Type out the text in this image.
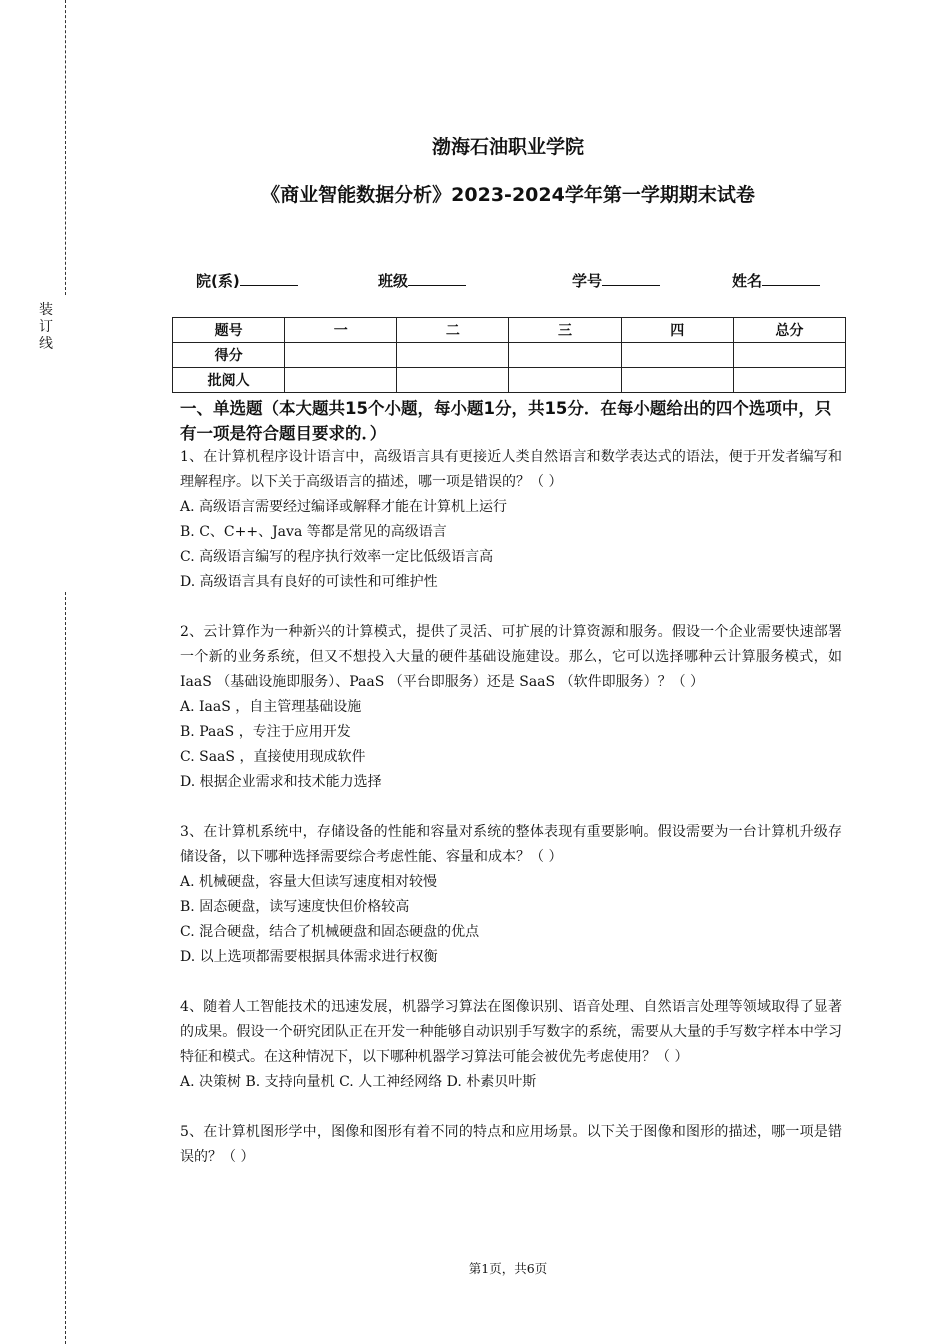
装
订
线
渤海石油职业学院
《商业智能数据分析》2023-2024学年第一学期期末试卷
院(系)	班级	学号	姓名
题号	一	二	三	四	总分
得分					
批阅人					
一、单选题（本大题共15个小题，每小题1分，共15分．在每小题给出的四个选项中，只有一项是符合题目要求的．）

1、在计算机程序设计语言中，高级语言具有更接近人类自然语言和数学表达式的语法，便于开发者编写和理解程序。以下关于高级语言的描述，哪一项是错误的？（ ）

A. 高级语言需要经过编译或解释才能在计算机上运行

B. C、C++、Java 等都是常见的高级语言

C. 高级语言编写的程序执行效率一定比低级语言高

D. 高级语言具有良好的可读性和可维护性

2、云计算作为一种新兴的计算模式，提供了灵活、可扩展的计算资源和服务。假设一个企业需要快速部署一个新的业务系统，但又不想投入大量的硬件基础设施建设。那么，它可以选择哪种云计算服务模式，如 IaaS （基础设施即服务）、PaaS （平台即服务）还是 SaaS （软件即服务）？（ ）

A. IaaS ，自主管理基础设施

B. PaaS ，专注于应用开发

C. SaaS ，直接使用现成软件

D. 根据企业需求和技术能力选择

3、在计算机系统中，存储设备的性能和容量对系统的整体表现有重要影响。假设需要为一台计算机升级存储设备，以下哪种选择需要综合考虑性能、容量和成本？（ ）

A. 机械硬盘，容量大但读写速度相对较慢

B. 固态硬盘，读写速度快但价格较高

C. 混合硬盘，结合了机械硬盘和固态硬盘的优点

D. 以上选项都需要根据具体需求进行权衡

4、随着人工智能技术的迅速发展，机器学习算法在图像识别、语音处理、自然语言处理等领域取得了显著的成果。假设一个研究团队正在开发一种能够自动识别手写数字的系统，需要从大量的手写数字样本中学习特征和模式。在这种情况下，以下哪种机器学习算法可能会被优先考虑使用？（ ）

A. 决策树 B. 支持向量机 C. 人工神经网络 D. 朴素贝叶斯

5、在计算机图形学中，图像和图形有着不同的特点和应用场景。以下关于图像和图形的描述，哪一项是错误的？（ ）

第1页，共6页
